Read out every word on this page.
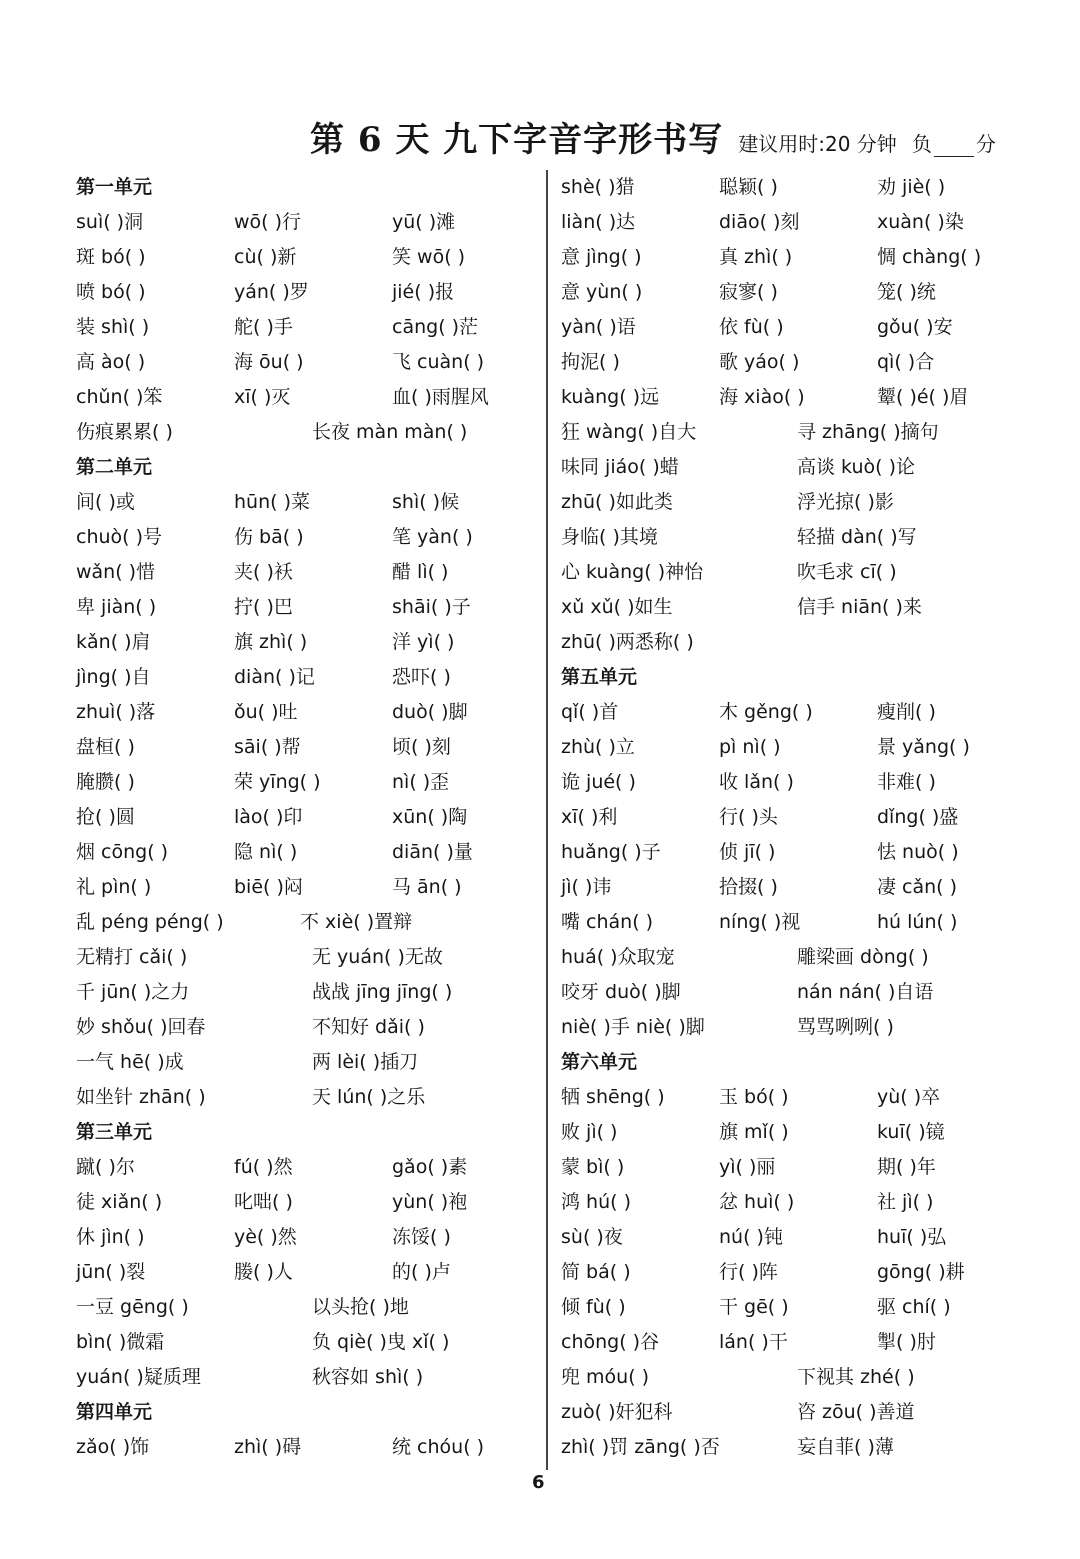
第 6 天 九下字音字形书写 建议用时:20 分钟 负 分
第一单元
suì( )洞	wō( )行	yū( )滩
斑 bó( )	cù( )新	笑 wō( )
喷 bó( )	yán( )罗	jié( )报
装 shì( )	舵( )手	cāng( )茫
高 ào( )	海 ōu( )	飞 cuàn( )
chǔn( )笨	xī( )灭	血( )雨腥风
伤痕累累( )	长夜 màn màn( )
第二单元
间( )或	hūn( )菜	shì( )候
chuò( )号	伤 bā( )	笔 yàn( )
wǎn( )惜	夹( )袄	醋 lì( )
卑 jiàn( )	拧( )巴	shāi( )子
kǎn( )肩	旗 zhì( )	洋 yì( )
jìng( )自	diàn( )记	恐吓( )
zhuì( )落	ǒu( )吐	duò( )脚
盘桓( )	sāi( )帮	顷( )刻
腌臜( )	荣 yīng( )	nì( )歪
抢( )圆	lào( )印	xūn( )陶
烟 cōng( )	隐 nì( )	diān( )量
礼 pìn( )	biē( )闷	马 ān( )
乱 péng péng( )	不 xiè( )置辩
无精打 cǎi( )	无 yuán( )无故
千 jūn( )之力	战战 jīng jīng( )
妙 shǒu( )回春	不知好 dǎi( )
一气 hē( )成	两 lèi( )插刀
如坐针 zhān( )	天 lún( )之乐
第三单元
蹴( )尔	fú( )然	gǎo( )素
徒 xiǎn( )	叱咄( )	yùn( )袍
休 jìn( )	yè( )然	冻馁( )
jūn( )裂	媵( )人	的( )卢
一豆 gēng( )	以头抢( )地
bìn( )微霜	负 qiè( )曳 xǐ( )
yuán( )疑质理	秋容如 shì( )
第四单元
zǎo( )饰	zhì( )碍	统 chóu( )
shè( )猎	聪颖( )	劝 jiè( )
liàn( )达	diāo( )刻	xuàn( )染
意 jìng( )	真 zhì( )	惆 chàng( )
意 yùn( )	寂寥( )	笼( )统
yàn( )语	依 fù( )	gǒu( )安
拘泥( )	歌 yáo( )	qì( )合
kuàng( )远	海 xiào( )	颦( )é( )眉
狂 wàng( )自大	寻 zhāng( )摘句
味同 jiáo( )蜡	高谈 kuò( )论
zhū( )如此类	浮光掠( )影
身临( )其境	轻描 dàn( )写
心 kuàng( )神怡	吹毛求 cī( )
xǔ xǔ( )如生	信手 niān( )来
zhū( )两悉称( )
第五单元
qǐ( )首	木 gěng( )	瘦削( )
zhù( )立	pì nì( )	景 yǎng( )
诡 jué( )	收 lǎn( )	非难( )
xī( )利	行( )头	dǐng( )盛
huǎng( )子	侦 jī( )	怯 nuò( )
jì( )讳	拾掇( )	凄 cǎn( )
嘴 chán( )	níng( )视	hú lún( )
huá( )众取宠	雕梁画 dòng( )
咬牙 duò( )脚	nán nán( )自语
niè( )手 niè( )脚	骂骂咧咧( )
第六单元
牺 shēng( )	玉 bó( )	yù( )卒
败 jì( )	旗 mǐ( )	kuī( )镜
蒙 bì( )	yì( )丽	期( )年
鸿 hú( )	忿 huì( )	社 jì( )
sù( )夜	nú( )钝	huī( )弘
简 bá( )	行( )阵	gōng( )耕
倾 fù( )	干 gē( )	驱 chí( )
chōng( )谷	lán( )干	掣( )肘
兜 móu( )	下视其 zhé( )
zuò( )奸犯科	咨 zōu( )善道
zhì( )罚 zāng( )否	妄自菲( )薄
6
